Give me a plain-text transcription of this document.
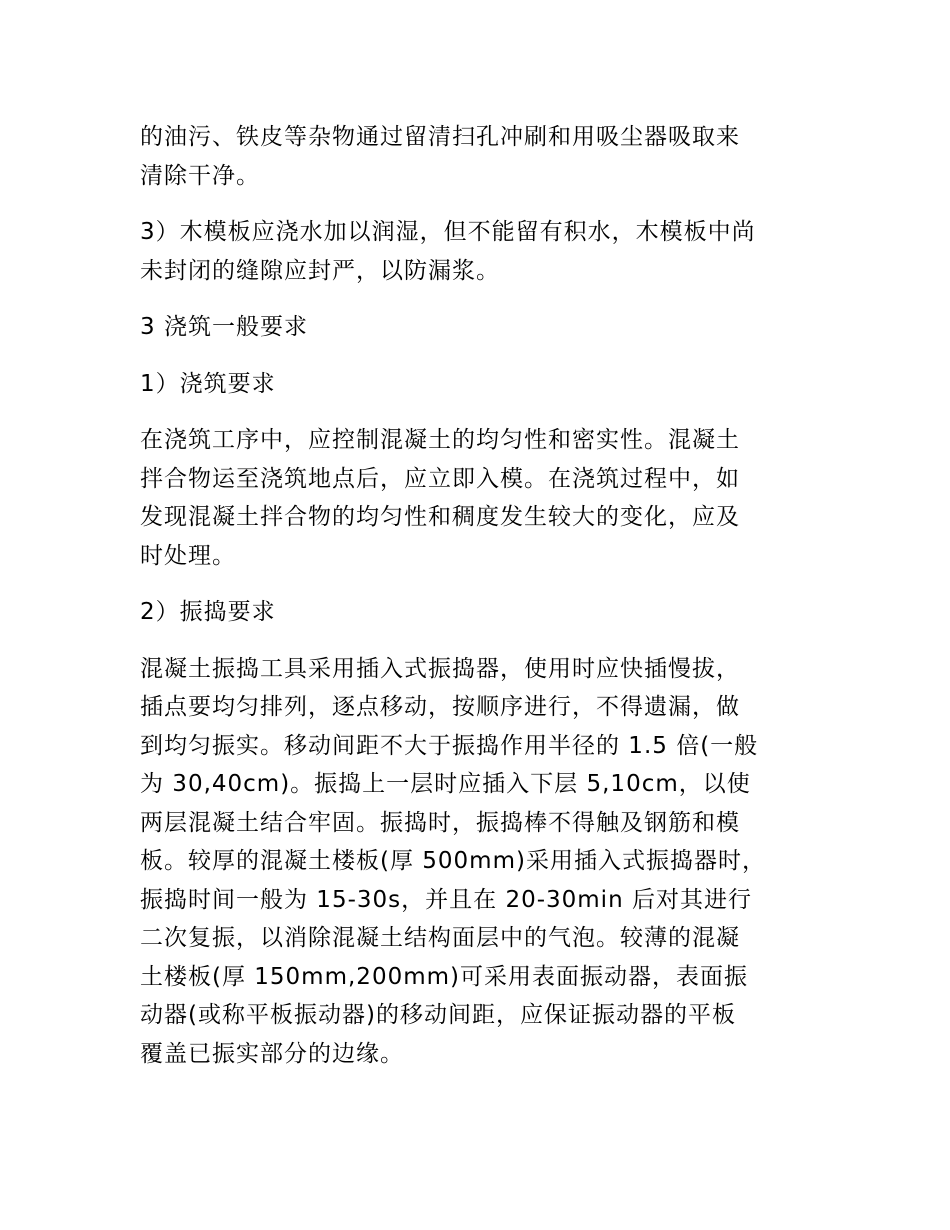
的油污、铁皮等杂物通过留清扫孔冲刷和用吸尘器吸取来
清除干净。

3）木模板应浇水加以润湿，但不能留有积水，木模板中尚
未封闭的缝隙应封严，以防漏浆。

3 浇筑一般要求

1）浇筑要求

在浇筑工序中，应控制混凝土的均匀性和密实性。混凝土
拌合物运至浇筑地点后，应立即入模。在浇筑过程中，如
发现混凝土拌合物的均匀性和稠度发生较大的变化，应及
时处理。

2）振捣要求

混凝土振捣工具采用插入式振捣器，使用时应快插慢拔，
插点要均匀排列，逐点移动，按顺序进行，不得遗漏，做
到均匀振实。移动间距不大于振捣作用半径的 1.5 倍(一般
为 30,40cm)。振捣上一层时应插入下层 5,10cm，以使
两层混凝土结合牢固。振捣时，振捣棒不得触及钢筋和模
板。较厚的混凝土楼板(厚 500mm)采用插入式振捣器时，
振捣时间一般为 15-30s，并且在 20-30min 后对其进行
二次复振，以消除混凝土结构面层中的气泡。较薄的混凝
土楼板(厚 150mm,200mm)可采用表面振动器，表面振
动器(或称平板振动器)的移动间距，应保证振动器的平板
覆盖已振实部分的边缘。
